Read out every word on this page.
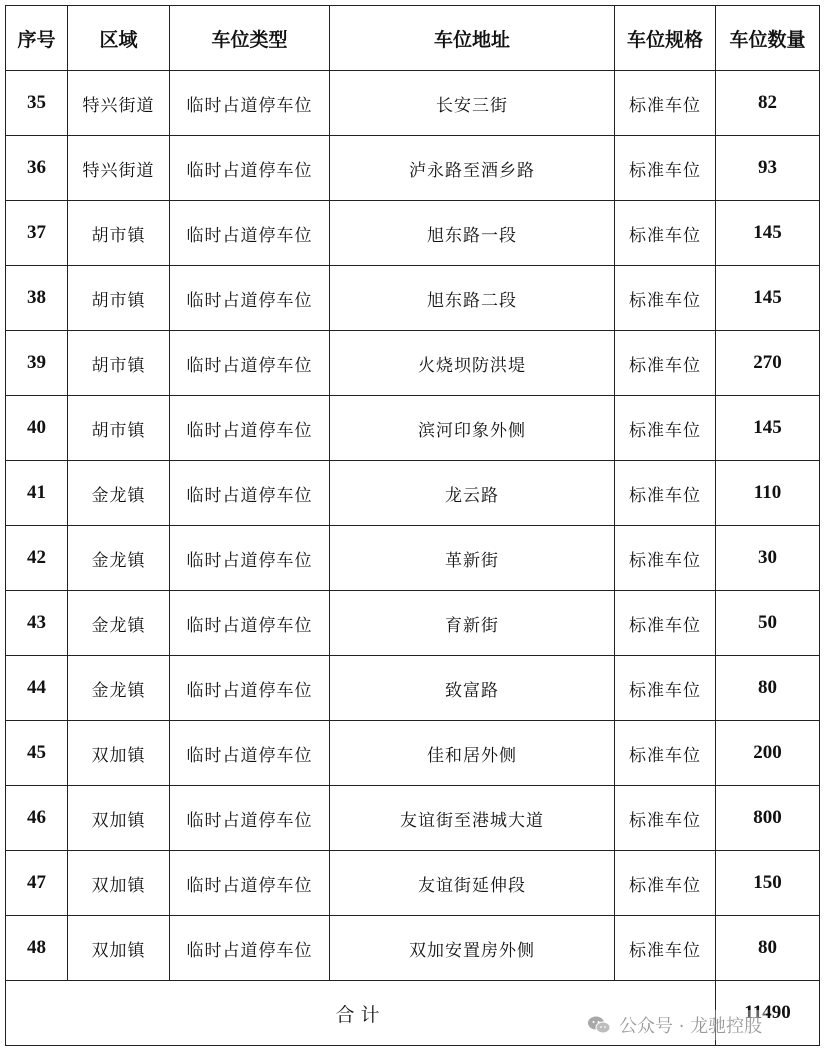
序号	区域	车位类型	车位地址	车位规格	车位数量
35	特兴街道	临时占道停车位	长安三街	标准车位	82
36	特兴街道	临时占道停车位	泸永路至酒乡路	标准车位	93
37	胡市镇	临时占道停车位	旭东路一段	标准车位	145
38	胡市镇	临时占道停车位	旭东路二段	标准车位	145
39	胡市镇	临时占道停车位	火烧坝防洪堤	标准车位	270
40	胡市镇	临时占道停车位	滨河印象外侧	标准车位	145
41	金龙镇	临时占道停车位	龙云路	标准车位	110
42	金龙镇	临时占道停车位	革新街	标准车位	30
43	金龙镇	临时占道停车位	育新街	标准车位	50
44	金龙镇	临时占道停车位	致富路	标准车位	80
45	双加镇	临时占道停车位	佳和居外侧	标准车位	200
46	双加镇	临时占道停车位	友谊街至港城大道	标准车位	800
47	双加镇	临时占道停车位	友谊街延伸段	标准车位	150
48	双加镇	临时占道停车位	双加安置房外侧	标准车位	80
合计					11490
公众号 · 龙驰控股
